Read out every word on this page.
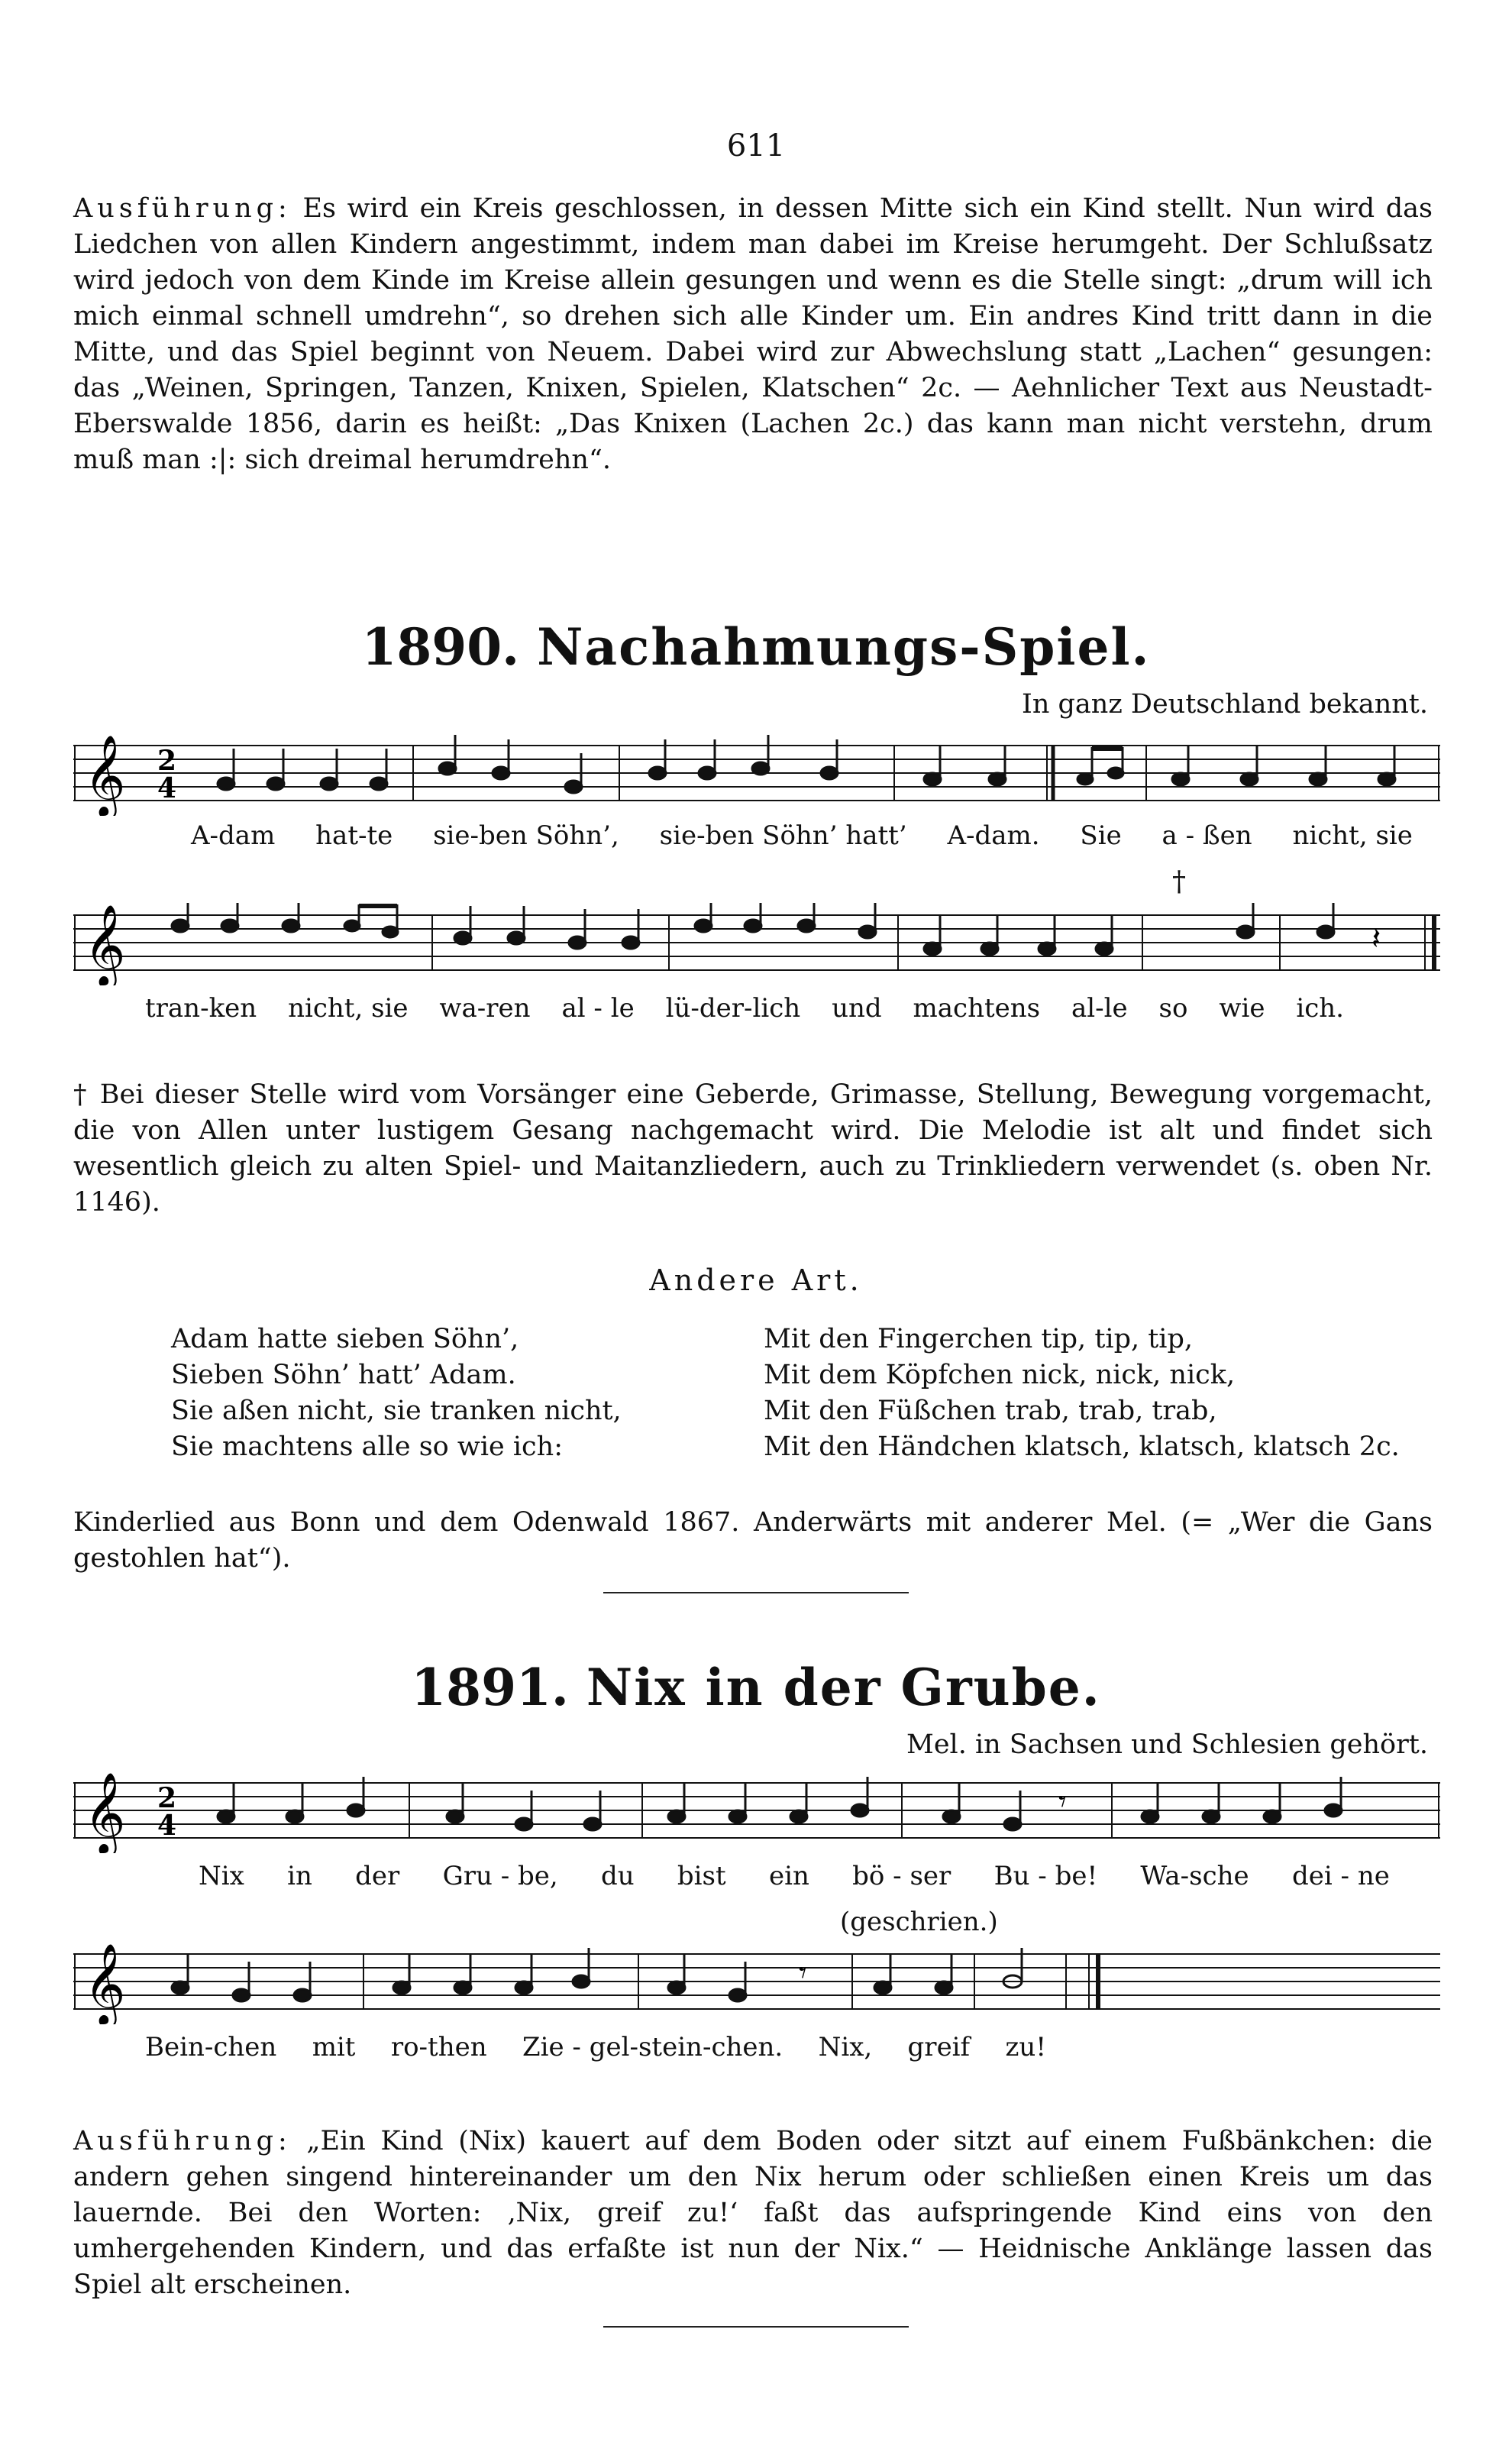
611
Ausführung: Es wird ein Kreis geschlossen, in dessen Mitte sich ein Kind stellt. Nun wird das Liedchen von allen Kindern angestimmt, indem man dabei im Kreise herumgeht. Der Schlußsatz wird jedoch von dem Kinde im Kreise allein gesungen und wenn es die Stelle singt: „drum will ich mich einmal schnell umdrehn“, so drehen sich alle Kinder um. Ein andres Kind tritt dann in die Mitte, und das Spiel beginnt von Neuem. Dabei wird zur Abwechslung statt „Lachen“ gesungen: das „Weinen, Springen, Tanzen, Knixen, Spielen, Klatschen“ 2c. — Aehnlicher Text aus Neustadt-Eberswalde 1856, darin es heißt: „Das Knixen (Lachen 2c.) das kann man nicht verstehn, drum muß man :|: sich dreimal herumdrehn“.
1890. Nachahmungs-Spiel.
In ganz Deutschland bekannt.
𝄞 2
4
A-dam hat-te sie-ben Söhn’, sie-ben Söhn’ hatt’ A-dam. Sie a - ßen nicht, sie
†
𝄞	𝄽
tran-ken nicht, sie wa-ren al - le lü-der-lich und machtens al-le so wie ich.
† Bei dieser Stelle wird vom Vorsänger eine Geberde, Grimasse, Stellung, Bewegung vorgemacht, die von Allen unter lustigem Gesang nachgemacht wird. Die Melodie ist alt und findet sich wesentlich gleich zu alten Spiel- und Maitanzliedern, auch zu Trinkliedern verwendet (s. oben Nr. 1146).
Andere Art.
Adam hatte sieben Söhn’,
Sieben Söhn’ hatt’ Adam.
Sie aßen nicht, sie tranken nicht,
Sie machtens alle so wie ich:
Mit den Fingerchen tip, tip, tip,
Mit dem Köpfchen nick, nick, nick,
Mit den Füßchen trab, trab, trab,
Mit den Händchen klatsch, klatsch, klatsch 2c.
Kinderlied aus Bonn und dem Odenwald 1867. Anderwärts mit anderer Mel. (= „Wer die Gans gestohlen hat“).
1891. Nix in der Grube.
Mel. in Sachsen und Schlesien gehört.
𝄞 2
4
𝄾
Nix in der Gru - be, du bist ein bö - ser Bu - be! Wa-sche dei - ne
(geschrien.)
𝄞	𝄾
Bein-chen mit ro-then Zie - gel-stein-chen. Nix, greif zu!
Ausführung: „Ein Kind (Nix) kauert auf dem Boden oder sitzt auf einem Fußbänkchen: die andern gehen singend hintereinander um den Nix herum oder schließen einen Kreis um das lauernde. Bei den Worten: ‚Nix, greif zu!‘ faßt das aufspringende Kind eins von den umhergehenden Kindern, und das erfaßte ist nun der Nix.“ — Heidnische Anklänge lassen das Spiel alt erscheinen.
